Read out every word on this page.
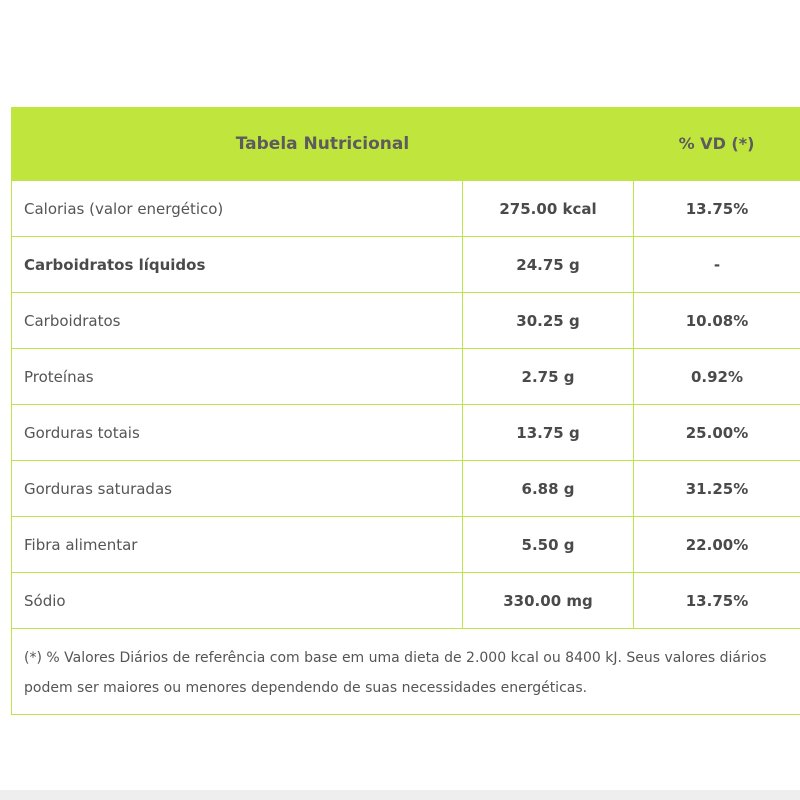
Tabela Nutricional	% VD (*)
Calorias (valor energético)	275.00 kcal	13.75%
Carboidratos líquidos	24.75 g	-
Carboidratos	30.25 g	10.08%
Proteínas	2.75 g	0.92%
Gorduras totais	13.75 g	25.00%
Gorduras saturadas	6.88 g	31.25%
Fibra alimentar	5.50 g	22.00%
Sódio	330.00 mg	13.75%
(*) % Valores Diários de referência com base em uma dieta de 2.000 kcal ou 8400 kJ. Seus valores diários podem ser maiores ou menores dependendo de suas necessidades energéticas.
